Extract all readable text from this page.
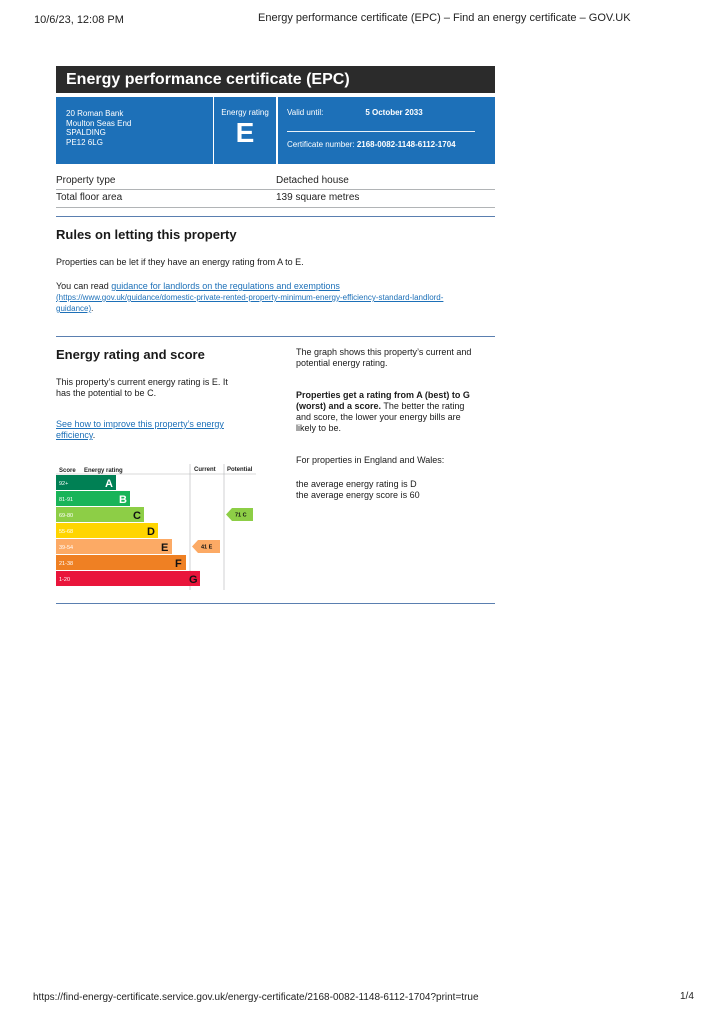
10/6/23, 12:08 PM	Energy performance certificate (EPC) – Find an energy certificate – GOV.UK
Energy performance certificate (EPC)
20 Roman Bank
Moulton Seas End
SPALDING
PE12 6LG
Energy rating
E
Valid until:	5 October 2033
Certificate number: 2168-0082-1148-6112-1704
Property type	Detached house
Total floor area	139 square metres
Rules on letting this property
Properties can be let if they have an energy rating from A to E.
You can read guidance for landlords on the regulations and exemptions
(https://www.gov.uk/guidance/domestic-private-rented-property-minimum-energy-efficiency-standard-landlord-
guidance).
Energy rating and score
This property’s current energy rating is E. It
has the potential to be C.
See how to improve this property’s energy
efficiency.
The graph shows this property’s current and
potential energy rating.
Properties get a rating from A (best) to G
(worst) and a score. The better the rating
and score, the lower your energy bills are
likely to be.
For properties in England and Wales:
the average energy rating is D
the average energy score is 60
Score Energy rating	Current Potential
92+	A
81-91	B
69-80	C
55-68	D
39-54	E
21-38	F
1-20	G
41 E
71 C
https://find-energy-certificate.service.gov.uk/energy-certificate/2168-0082-1148-6112-1704?print=true	1/4
